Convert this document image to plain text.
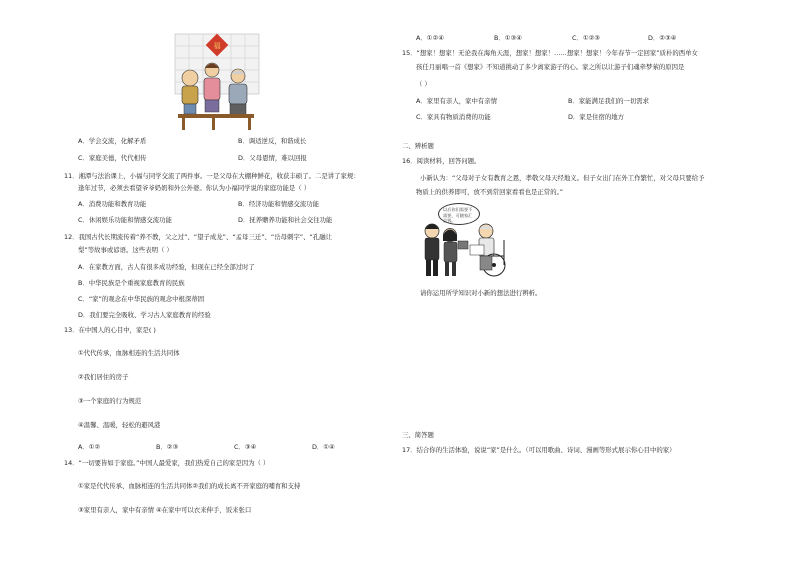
福
A．学会交流，化解矛盾	B．调适逆反，和谐成长
C．家庭美德，代代相传	D．父母恩情，难以回报
11．湘潭与法治课上，小福与同学交流了两件事。一是父母在大棚种鲜花，收获丰硕了。二是讲了家规：
逢年过节，必须去看望爷爷奶奶和外公外婆。你认为小福同学说的家庭功能是（ ）
A．消费功能和教育功能	B．经济功能和情感交流功能
C．休闲娱乐功能和情感交流功能	D．抚养赡养功能和社会交往功能
12．我国古代长期流传着“养不教，父之过”、“望子成龙”、“孟母三迁”、“岳母刺字”、“孔融让
梨”等故事或谚语。这些表明（ ）
A．在家教方面，古人有很多成功经验，但现在已经全部过时了
B．中华民族是个重视家庭教育的民族
C．“家”的观念在中华民族的观念中根深蒂固
D．我们要完全吸收、学习古人家庭教育的经验
13．在中国人的心目中，家是( )
①代代传承，血脉相连的生活共同体
②我们居住的房子
③一个家庭的行为规范
④温馨、温暖，轻松的避风港
A．①②	B．②③	C．③④	D．①④
14．“一切要皆如于家庭。”中国人最爱家，我们热爱自己的家是因为（ ）
①家是代代传承、血脉相连的生活共同体②我们的成长离不开家庭的哺育和支持
③家里有亲人，家中有亲情 ④在家中可以衣来伸手，饭来张口
A．①②④	B．①③④	C．①②③	D．②③④
15．“想家！想家！无论我在海角天涯，想家！想家！……想家！想家！今年春节一定回家”质朴的西单女
孩任月丽唱一首《想家》不知道挑动了多少离家游子的心。家之所以让游子们魂牵梦萦的原因是
（ ）
A．家里有亲人，家中有亲情	B．家能满足我们的一切需求
C．家具有物质消费的功能	D．家是住宿的地方
二、辨析题
16．阅读材料，回答问题。
小新认为：“父母对子女有教育之恩，孝敬父母天经地义。但子女出门在外工作繁忙，对父母只要给予
物质上的供养即可，放不到常回家看看也是正常的。”
以后你们需要不需要，可随家汇总钱。
请你运用所学知识对小新的想法进行辨析。
三、简答题
17．结合你的生活体验，说说“家”是什么。（可以用歌曲、诗词、漫画等形式展示你心目中的家）
